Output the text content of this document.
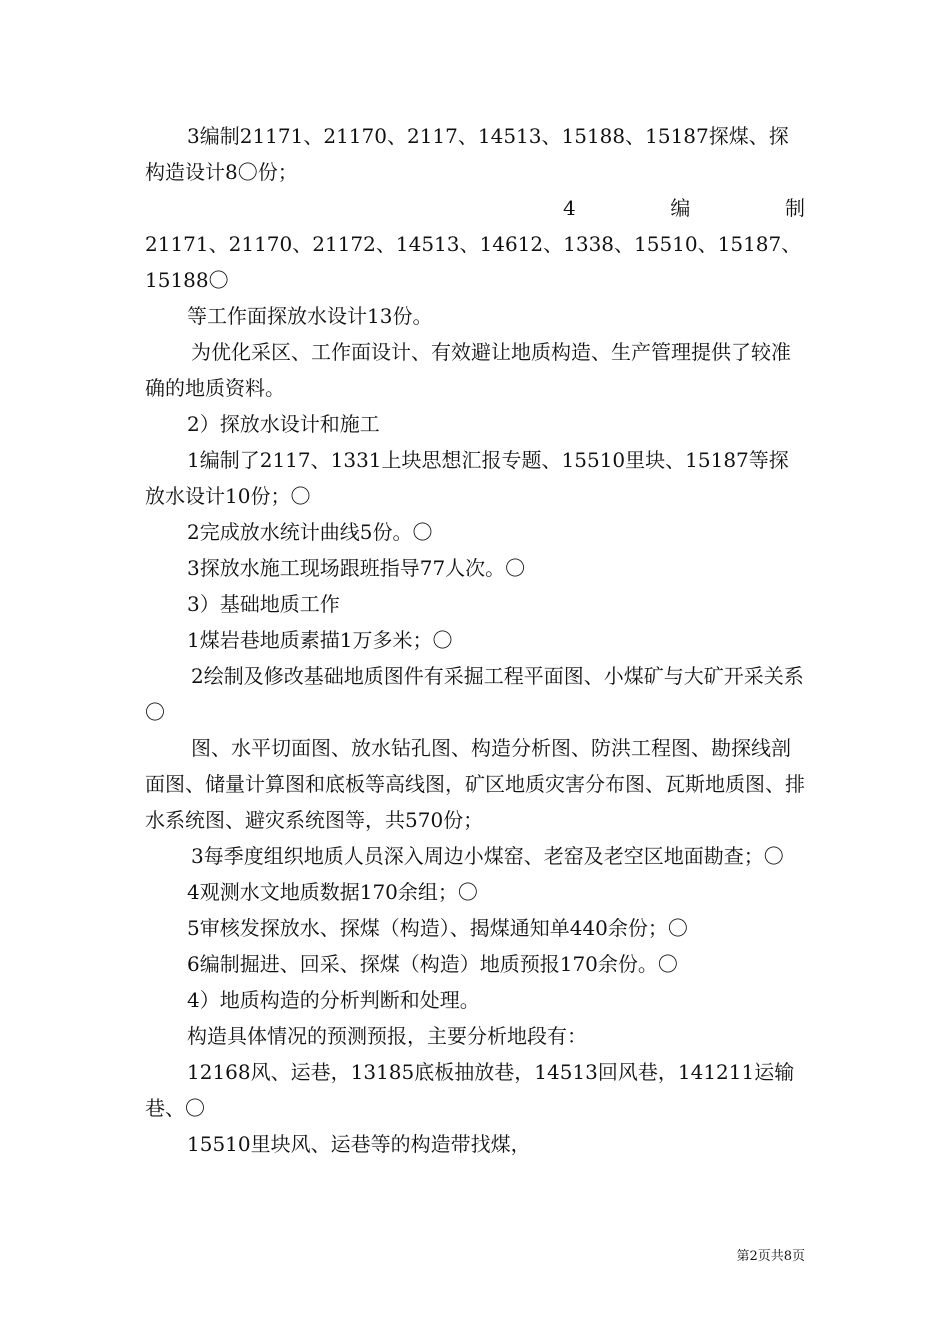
3编制21171、21170、2117、14513、15188、15187探煤、探构造设计8〇份；

4	编	制

21171、21170、21172、14513、14612、1338、15510、15187、15188〇

等工作面探放水设计13份。

为优化采区、工作面设计、有效避让地质构造、生产管理提供了较准确的地质资料。

2）探放水设计和施工

1编制了2117、1331上块思想汇报专题、15510里块、15187等探放水设计10份；〇

2完成放水统计曲线5份。〇

3探放水施工现场跟班指导77人次。〇

3）基础地质工作

1煤岩巷地质素描1万多米；〇

2绘制及修改基础地质图件有采掘工程平面图、小煤矿与大矿开采关系〇

图、水平切面图、放水钻孔图、构造分析图、防洪工程图、勘探线剖面图、储量计算图和底板等高线图，矿区地质灾害分布图、瓦斯地质图、排水系统图、避灾系统图等，共570份；

3每季度组织地质人员深入周边小煤窑、老窑及老空区地面勘查；〇

4观测水文地质数据170余组；〇

5审核发探放水、探煤（构造）、揭煤通知单440余份；〇

6编制掘进、回采、探煤（构造）地质预报170余份。〇

4）地质构造的分析判断和处理。

构造具体情况的预测预报，主要分析地段有：

12168风、运巷，13185底板抽放巷，14513回风巷，141211运输巷、〇

15510里块风、运巷等的构造带找煤，

第2页共8页
